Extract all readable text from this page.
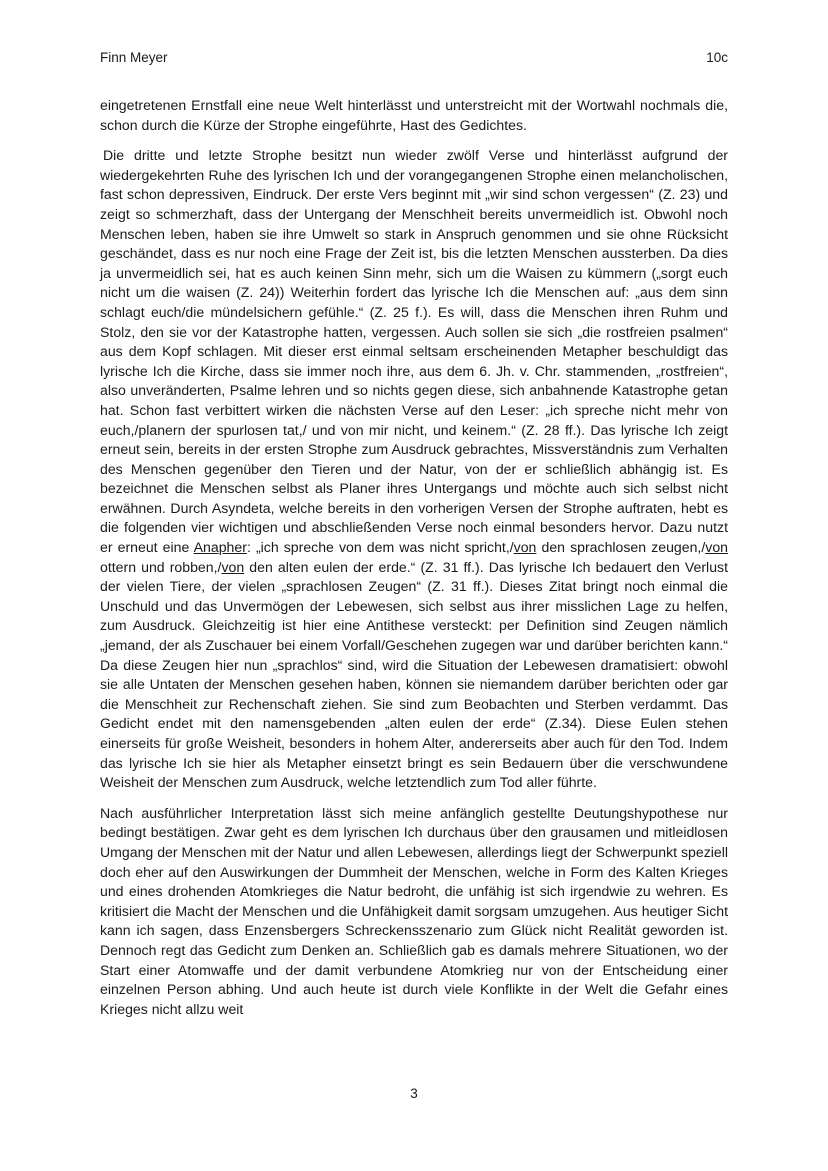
Finn Meyer	10c

eingetretenen Ernstfall eine neue Welt hinterlässt und unterstreicht mit der Wortwahl nochmals die, schon durch die Kürze der Strophe eingeführte, Hast des Gedichtes.

Die dritte und letzte Strophe besitzt nun wieder zwölf Verse und hinterlässt aufgrund der wiedergekehrten Ruhe des lyrischen Ich und der vorangegangenen Strophe einen melancholischen, fast schon depressiven, Eindruck. Der erste Vers beginnt mit „wir sind schon vergessen“ (Z. 23) und zeigt so schmerzhaft, dass der Untergang der Menschheit bereits unvermeidlich ist. Obwohl noch Menschen leben, haben sie ihre Umwelt so stark in Anspruch genommen und sie ohne Rücksicht geschändet, dass es nur noch eine Frage der Zeit ist, bis die letzten Menschen aussterben. Da dies ja unvermeidlich sei, hat es auch keinen Sinn mehr, sich um die Waisen zu kümmern („sorgt euch nicht um die waisen (Z. 24)) Weiterhin fordert das lyrische Ich die Menschen auf: „aus dem sinn schlagt euch/die mündelsichern gefühle.“ (Z. 25 f.). Es will, dass die Menschen ihren Ruhm und Stolz, den sie vor der Katastrophe hatten, vergessen. Auch sollen sie sich „die rostfreien psalmen“ aus dem Kopf schlagen. Mit dieser erst einmal seltsam erscheinenden Metapher beschuldigt das lyrische Ich die Kirche, dass sie immer noch ihre, aus dem 6. Jh. v. Chr. stammenden, „rostfreien“, also unveränderten, Psalme lehren und so nichts gegen diese, sich anbahnende Katastrophe getan hat. Schon fast verbittert wirken die nächsten Verse auf den Leser: „ich spreche nicht mehr von euch,/planern der spurlosen tat,/ und von mir nicht, und keinem.“ (Z. 28 ff.). Das lyrische Ich zeigt erneut sein, bereits in der ersten Strophe zum Ausdruck gebrachtes, Missverständnis zum Verhalten des Menschen gegenüber den Tieren und der Natur, von der er schließlich abhängig ist. Es bezeichnet die Menschen selbst als Planer ihres Untergangs und möchte auch sich selbst nicht erwähnen. Durch Asyndeta, welche bereits in den vorherigen Versen der Strophe auftraten, hebt es die folgenden vier wichtigen und abschließenden Verse noch einmal besonders hervor. Dazu nutzt er erneut eine Anapher: „ich spreche von dem was nicht spricht,/von den sprachlosen zeugen,/von ottern und robben,/von den alten eulen der erde.“ (Z. 31 ff.). Das lyrische Ich bedauert den Verlust der vielen Tiere, der vielen „sprachlosen Zeugen“ (Z. 31 ff.). Dieses Zitat bringt noch einmal die Unschuld und das Unvermögen der Lebewesen, sich selbst aus ihrer misslichen Lage zu helfen, zum Ausdruck. Gleichzeitig ist hier eine Antithese versteckt: per Definition sind Zeugen nämlich „jemand, der als Zuschauer bei einem Vorfall/Geschehen zugegen war und darüber berichten kann.“ Da diese Zeugen hier nun „sprachlos“ sind, wird die Situation der Lebewesen dramatisiert: obwohl sie alle Untaten der Menschen gesehen haben, können sie niemandem darüber berichten oder gar die Menschheit zur Rechenschaft ziehen. Sie sind zum Beobachten und Sterben verdammt. Das Gedicht endet mit den namensgebenden „alten eulen der erde“ (Z.34). Diese Eulen stehen einerseits für große Weisheit, besonders in hohem Alter, andererseits aber auch für den Tod. Indem das lyrische Ich sie hier als Metapher einsetzt bringt es sein Bedauern über die verschwundene Weisheit der Menschen zum Ausdruck, welche letztendlich zum Tod aller führte.

Nach ausführlicher Interpretation lässt sich meine anfänglich gestellte Deutungshypothese nur bedingt bestätigen. Zwar geht es dem lyrischen Ich durchaus über den grausamen und mitleidlosen Umgang der Menschen mit der Natur und allen Lebewesen, allerdings liegt der Schwerpunkt speziell doch eher auf den Auswirkungen der Dummheit der Menschen, welche in Form des Kalten Krieges und eines drohenden Atomkrieges die Natur bedroht, die unfähig ist sich irgendwie zu wehren. Es kritisiert die Macht der Menschen und die Unfähigkeit damit sorgsam umzugehen. Aus heutiger Sicht kann ich sagen, dass Enzensbergers Schreckensszenario zum Glück nicht Realität geworden ist. Dennoch regt das Gedicht zum Denken an. Schließlich gab es damals mehrere Situationen, wo der Start einer Atomwaffe und der damit verbundene Atomkrieg nur von der Entscheidung einer einzelnen Person abhing. Und auch heute ist durch viele Konflikte in der Welt die Gefahr eines Krieges nicht allzu weit

3
